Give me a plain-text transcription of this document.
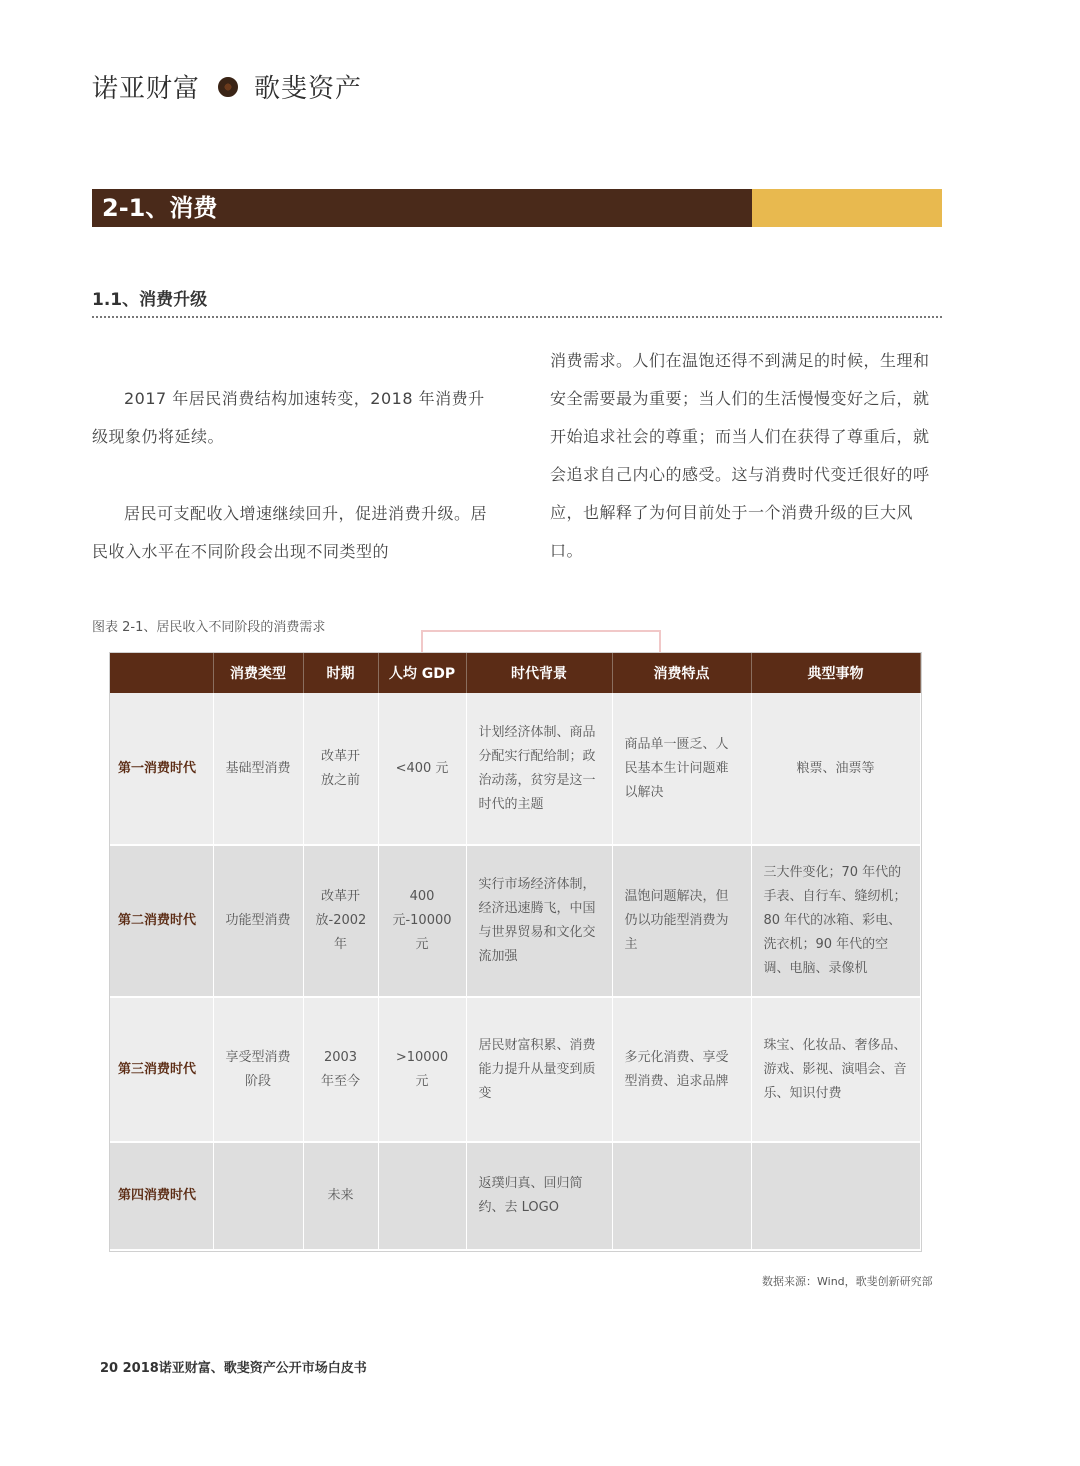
诺亚财富 歌斐资产
2-1、消费
1.1、消费升级
2017 年居民消费结构加速转变，2018 年消费升级现象仍将延续。
居民可支配收入增速继续回升，促进消费升级。居民收入水平在不同阶段会出现不同类型的
消费需求。人们在温饱还得不到满足的时候，生理和安全需要最为重要；当人们的生活慢慢变好之后，就开始追求社会的尊重；而当人们在获得了尊重后，就会追求自己内心的感受。这与消费时代变迁很好的呼应，也解释了为何目前处于一个消费升级的巨大风口。
图表 2-1、居民收入不同阶段的消费需求
	消费类型	时期	人均 GDP	时代背景	消费特点	典型事物
第一消费时代	基础型消费	改革开放之前	<400 元	计划经济体制、商品分配实行配给制；政治动荡，贫穷是这一时代的主题	商品单一匮乏、人民基本生计问题难以解决	粮票、油票等
第二消费时代	功能型消费	改革开放-2002 年	400 元-10000 元	实行市场经济体制，经济迅速腾飞，中国与世界贸易和文化交流加强	温饱问题解决，但仍以功能型消费为主	三大件变化；70 年代的手表、自行车、缝纫机；80 年代的冰箱、彩电、洗衣机；90 年代的空调、电脑、录像机
第三消费时代	享受型消费阶段	2003 年至今	>10000 元	居民财富积累、消费能力提升从量变到质变	多元化消费、享受型消费、追求品牌	珠宝、化妆品、奢侈品、游戏、影视、演唱会、音乐、知识付费
第四消费时代		未来		返璞归真、回归简约、去 LOGO		
数据来源：Wind，歌斐创新研究部
20 2018诺亚财富、歌斐资产公开市场白皮书
